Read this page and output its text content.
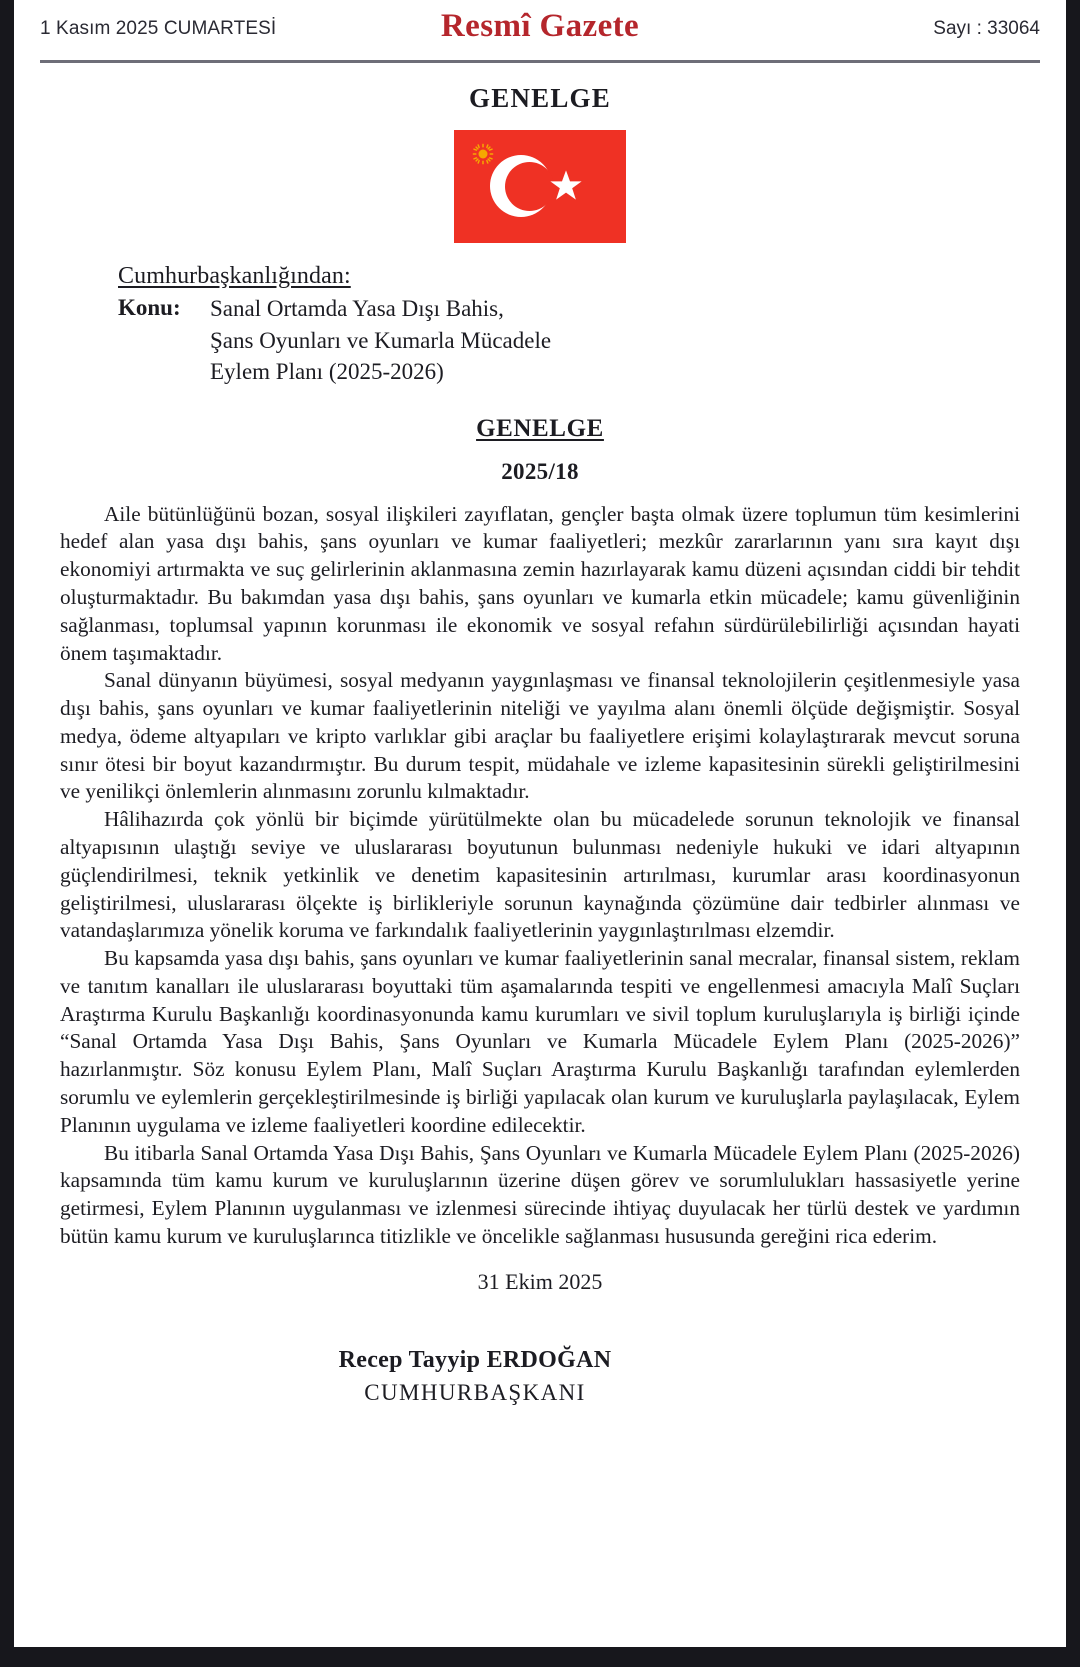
1 Kasım 2025 CUMARTESİ	Resmî Gazete	Sayı : 33064
GENELGE
Cumhurbaşkanlığından:
Konu:	Sanal Ortamda Yasa Dışı Bahis,
Şans Oyunları ve Kumarla Mücadele
Eylem Planı (2025-2026)
GENELGE
2025/18

Aile bütünlüğünü bozan, sosyal ilişkileri zayıflatan, gençler başta olmak üzere toplumun tüm kesimlerini hedef alan yasa dışı bahis, şans oyunları ve kumar faaliyetleri; mezkûr zararlarının yanı sıra kayıt dışı ekonomiyi artırmakta ve suç gelirlerinin aklanmasına zemin hazırlayarak kamu düzeni açısından ciddi bir tehdit oluşturmaktadır. Bu bakımdan yasa dışı bahis, şans oyunları ve kumarla etkin mücadele; kamu güvenliğinin sağlanması, toplumsal yapının korunması ile ekonomik ve sosyal refahın sürdürülebilirliği açısından hayati önem taşımaktadır.

Sanal dünyanın büyümesi, sosyal medyanın yaygınlaşması ve finansal teknolojilerin çeşitlenmesiyle yasa dışı bahis, şans oyunları ve kumar faaliyetlerinin niteliği ve yayılma alanı önemli ölçüde değişmiştir. Sosyal medya, ödeme altyapıları ve kripto varlıklar gibi araçlar bu faaliyetlere erişimi kolaylaştırarak mevcut soruna sınır ötesi bir boyut kazandırmıştır. Bu durum tespit, müdahale ve izleme kapasitesinin sürekli geliştirilmesini ve yenilikçi önlemlerin alınmasını zorunlu kılmaktadır.

Hâlihazırda çok yönlü bir biçimde yürütülmekte olan bu mücadelede sorunun teknolojik ve finansal altyapısının ulaştığı seviye ve uluslararası boyutunun bulunması nedeniyle hukuki ve idari altyapının güçlendirilmesi, teknik yetkinlik ve denetim kapasitesinin artırılması, kurumlar arası koordinasyonun geliştirilmesi, uluslararası ölçekte iş birlikleriyle sorunun kaynağında çözümüne dair tedbirler alınması ve vatandaşlarımıza yönelik koruma ve farkındalık faaliyetlerinin yaygınlaştırılması elzemdir.

Bu kapsamda yasa dışı bahis, şans oyunları ve kumar faaliyetlerinin sanal mecralar, finansal sistem, reklam ve tanıtım kanalları ile uluslararası boyuttaki tüm aşamalarında tespiti ve engellenmesi amacıyla Malî Suçları Araştırma Kurulu Başkanlığı koordinasyonunda kamu kurumları ve sivil toplum kuruluşlarıyla iş birliği içinde “Sanal Ortamda Yasa Dışı Bahis, Şans Oyunları ve Kumarla Mücadele Eylem Planı (2025-2026)” hazırlanmıştır. Söz konusu Eylem Planı, Malî Suçları Araştırma Kurulu Başkanlığı tarafından eylemlerden sorumlu ve eylemlerin gerçekleştirilmesinde iş birliği yapılacak olan kurum ve kuruluşlarla paylaşılacak, Eylem Planının uygulama ve izleme faaliyetleri koordine edilecektir.

Bu itibarla Sanal Ortamda Yasa Dışı Bahis, Şans Oyunları ve Kumarla Mücadele Eylem Planı (2025-2026) kapsamında tüm kamu kurum ve kuruluşlarının üzerine düşen görev ve sorumlulukları hassasiyetle yerine getirmesi, Eylem Planının uygulanması ve izlenmesi sürecinde ihtiyaç duyulacak her türlü destek ve yardımın bütün kamu kurum ve kuruluşlarınca titizlikle ve öncelikle sağlanması hususunda gereğini rica ederim.

31 Ekim 2025
Recep Tayyip ERDOĞAN
CUMHURBAŞKANI
